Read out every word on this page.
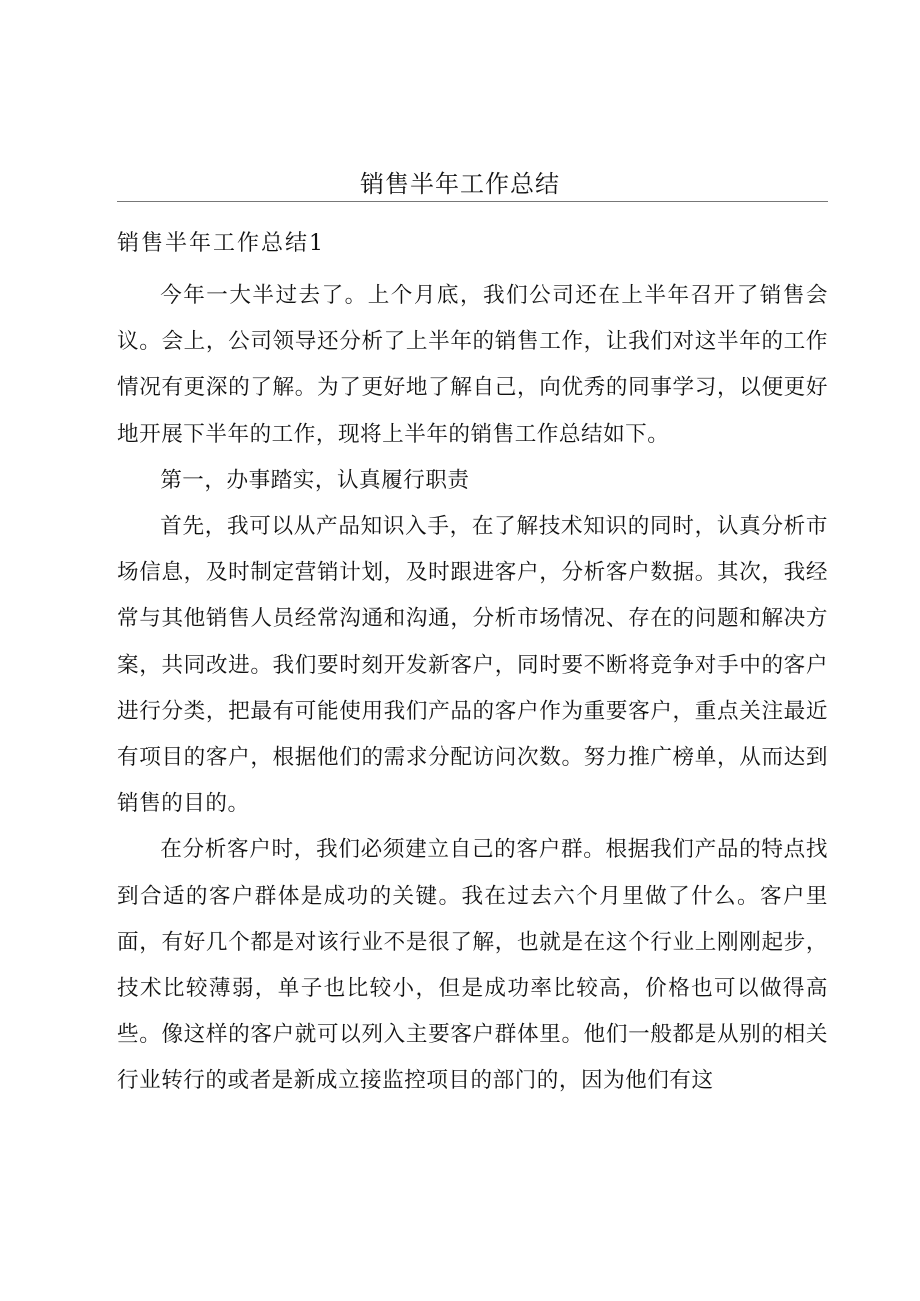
销售半年工作总结
销售半年工作总结1

今年一大半过去了。上个月底，我们公司还在上半年召开了销售会议。会上，公司领导还分析了上半年的销售工作，让我们对这半年的工作情况有更深的了解。为了更好地了解自己，向优秀的同事学习，以便更好地开展下半年的工作，现将上半年的销售工作总结如下。

第一，办事踏实，认真履行职责

首先，我可以从产品知识入手，在了解技术知识的同时，认真分析市场信息，及时制定营销计划，及时跟进客户，分析客户数据。其次，我经常与其他销售人员经常沟通和沟通，分析市场情况、存在的问题和解决方案，共同改进。我们要时刻开发新客户，同时要不断将竞争对手中的客户进行分类，把最有可能使用我们产品的客户作为重要客户，重点关注最近有项目的客户，根据他们的需求分配访问次数。努力推广榜单，从而达到销售的目的。

在分析客户时，我们必须建立自己的客户群。根据我们产品的特点找到合适的客户群体是成功的关键。我在过去六个月里做了什么。客户里面，有好几个都是对该行业不是很了解，也就是在这个行业上刚刚起步，技术比较薄弱，单子也比较小，但是成功率比较高，价格也可以做得高些。像这样的客户就可以列入主要客户群体里。他们一般都是从别的相关行业转行的或者是新成立接监控项目的部门的，因为他们有这
